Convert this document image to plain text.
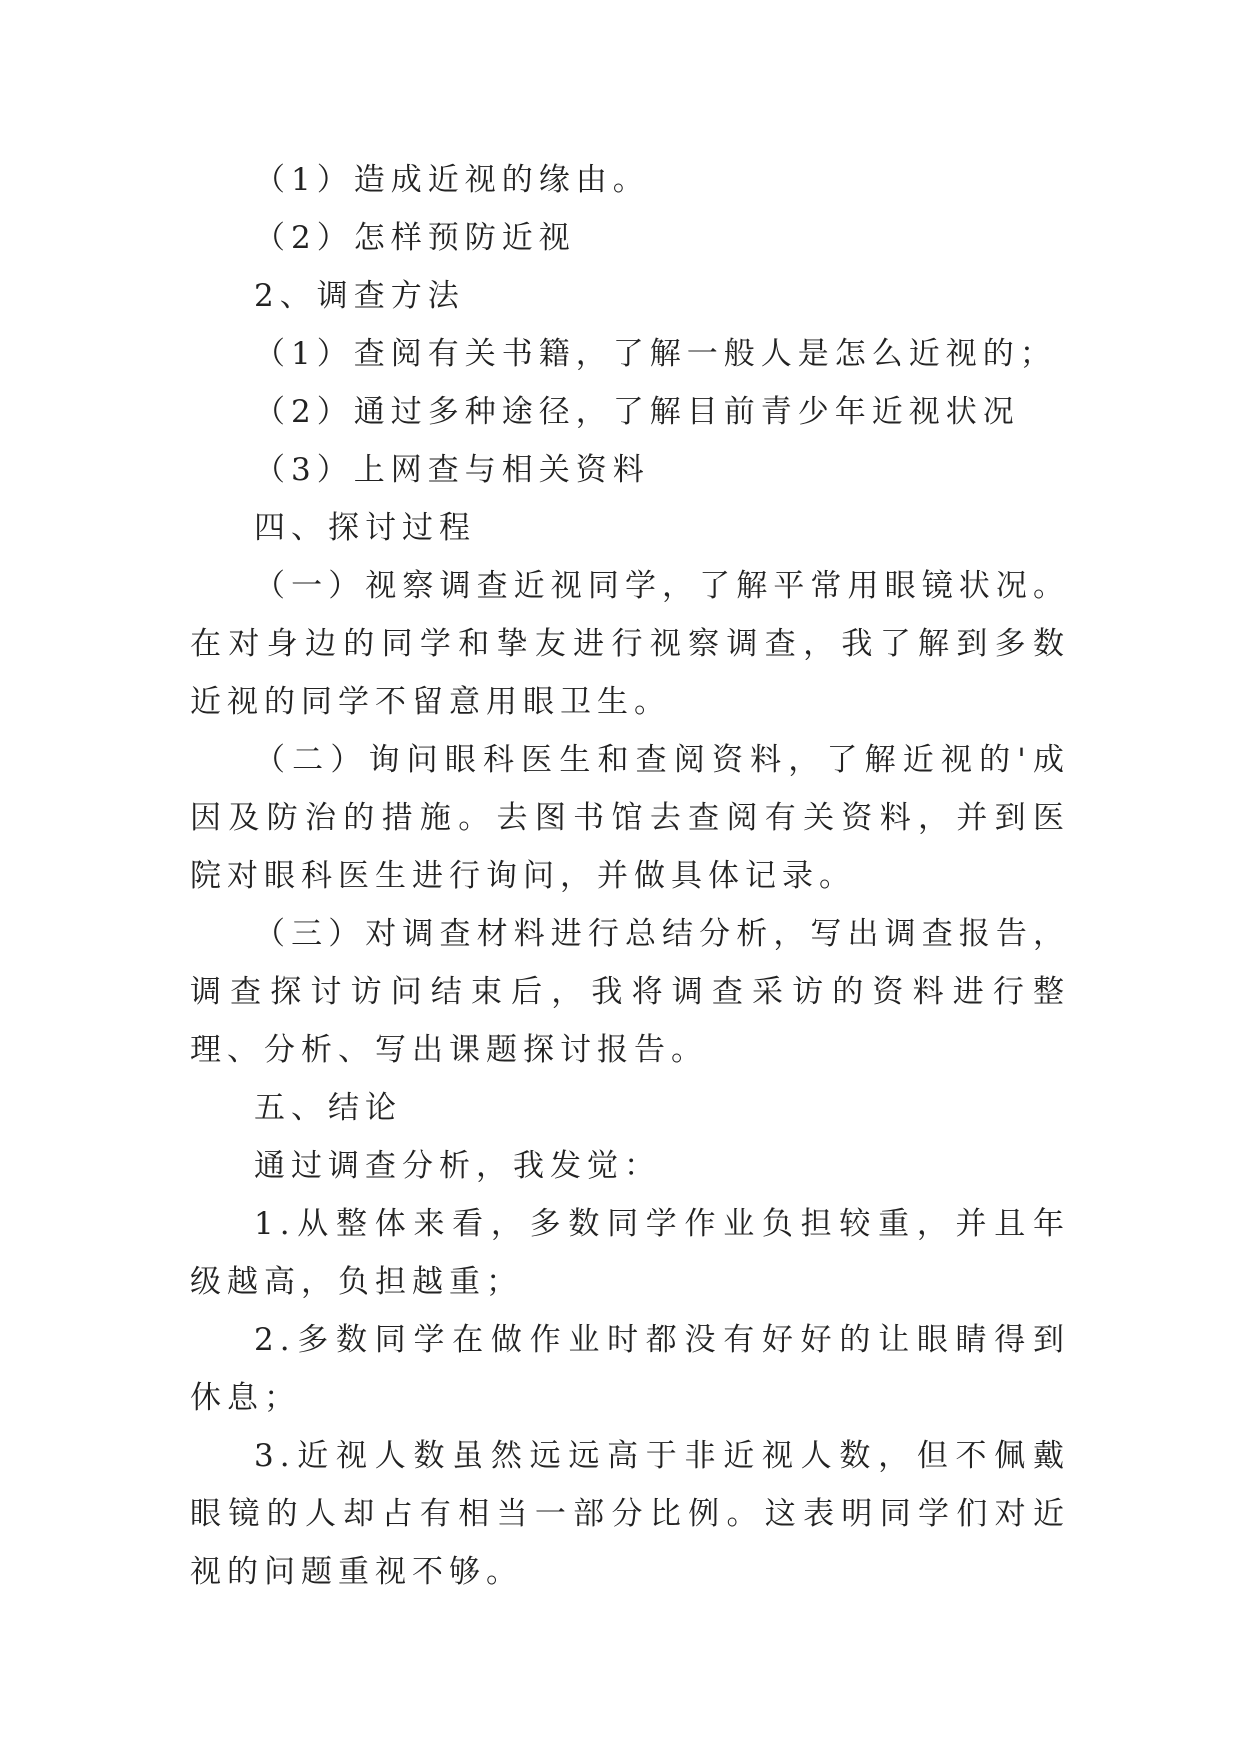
（1）造成近视的缘由。

（2）怎样预防近视

2、调查方法

（1）查阅有关书籍，了解一般人是怎么近视的；

（2）通过多种途径，了解目前青少年近视状况

（3）上网查与相关资料

四、探讨过程

（一）视察调查近视同学，了解平常用眼镜状况。在对身边的同学和挚友进行视察调查，我了解到多数近视的同学不留意用眼卫生。

（二）询问眼科医生和查阅资料，了解近视的'成因及防治的措施。去图书馆去查阅有关资料，并到医院对眼科医生进行询问，并做具体记录。

（三）对调查材料进行总结分析，写出调查报告，调查探讨访问结束后，我将调查采访的资料进行整理、分析、写出课题探讨报告。

五、结论

通过调查分析，我发觉：

1.从整体来看，多数同学作业负担较重，并且年级越高，负担越重；

2.多数同学在做作业时都没有好好的让眼睛得到休息；

3.近视人数虽然远远高于非近视人数，但不佩戴眼镜的人却占有相当一部分比例。这表明同学们对近视的问题重视不够。
